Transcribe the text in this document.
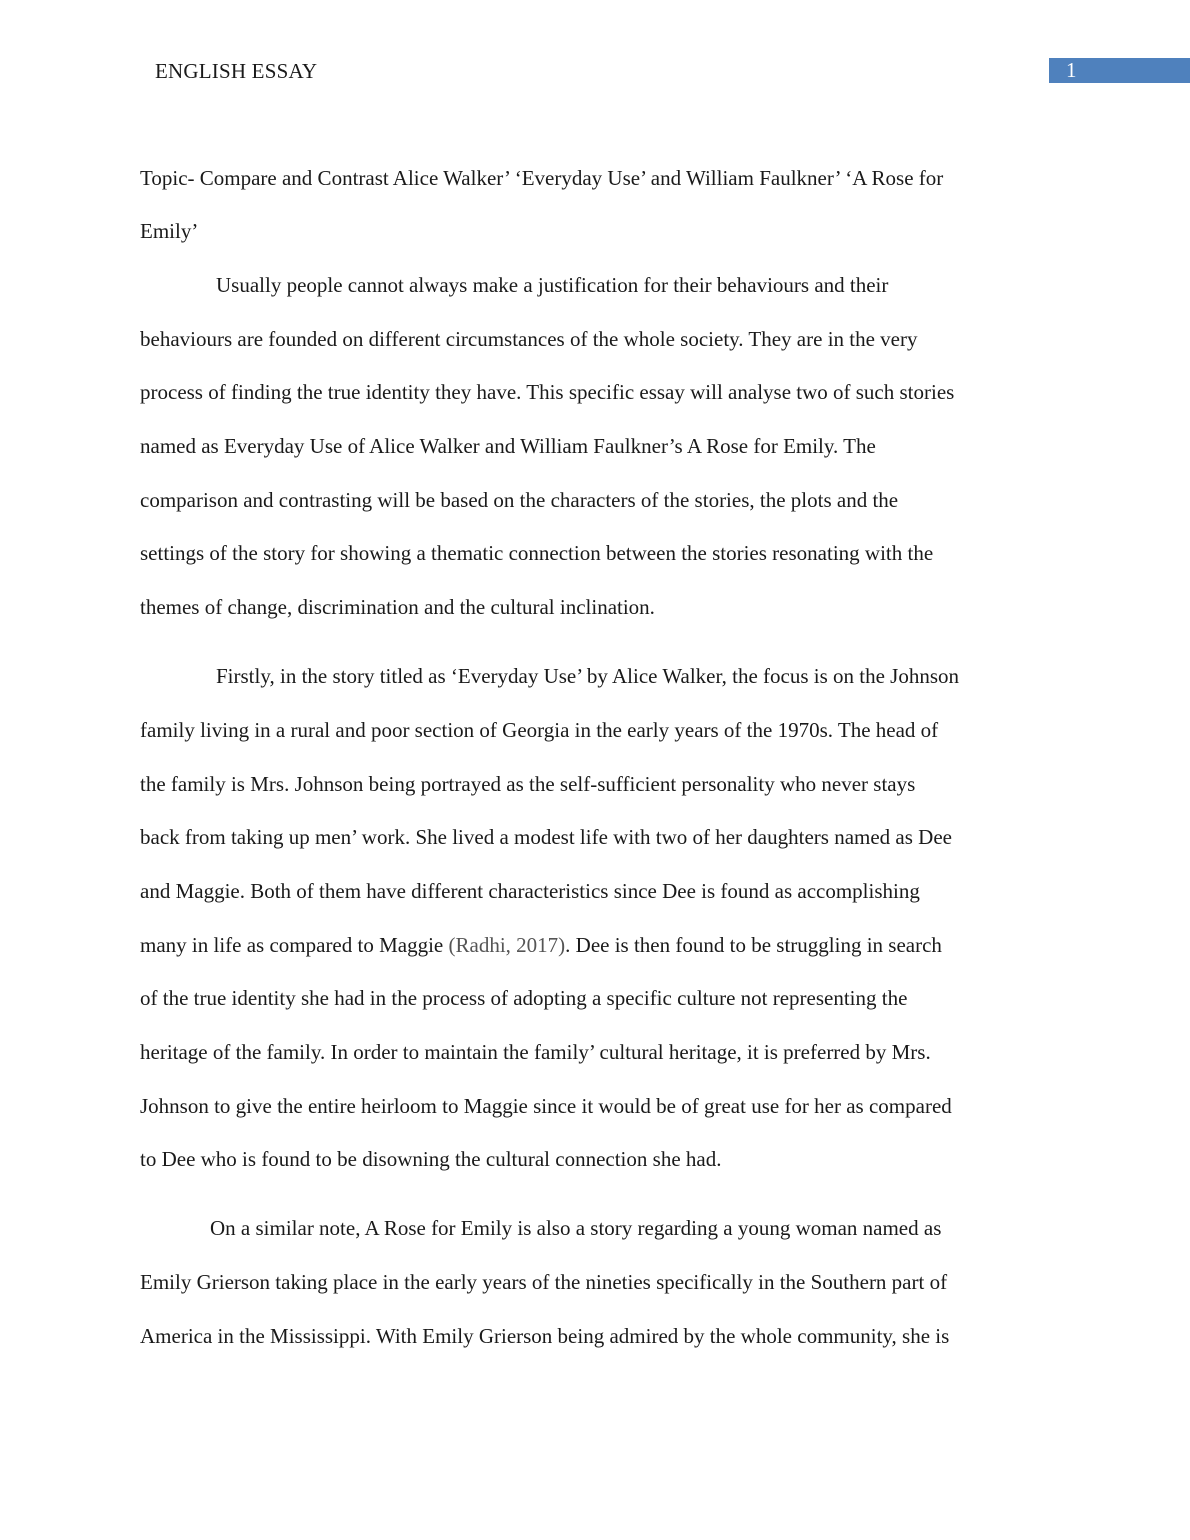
ENGLISH ESSAY	1
Topic- Compare and Contrast Alice Walker’ ‘Everyday Use’ and William Faulkner’ ‘A Rose for
Emily’
Usually people cannot always make a justification for their behaviours and their
behaviours are founded on different circumstances of the whole society. They are in the very
process of finding the true identity they have. This specific essay will analyse two of such stories
named as Everyday Use of Alice Walker and William Faulkner’s A Rose for Emily. The
comparison and contrasting will be based on the characters of the stories, the plots and the
settings of the story for showing a thematic connection between the stories resonating with the
themes of change, discrimination and the cultural inclination.
Firstly, in the story titled as ‘Everyday Use’ by Alice Walker, the focus is on the Johnson
family living in a rural and poor section of Georgia in the early years of the 1970s. The head of
the family is Mrs. Johnson being portrayed as the self-sufficient personality who never stays
back from taking up men’ work. She lived a modest life with two of her daughters named as Dee
and Maggie. Both of them have different characteristics since Dee is found as accomplishing
many in life as compared to Maggie (Radhi, 2017). Dee is then found to be struggling in search
of the true identity she had in the process of adopting a specific culture not representing the
heritage of the family. In order to maintain the family’ cultural heritage, it is preferred by Mrs.
Johnson to give the entire heirloom to Maggie since it would be of great use for her as compared
to Dee who is found to be disowning the cultural connection she had.
On a similar note, A Rose for Emily is also a story regarding a young woman named as
Emily Grierson taking place in the early years of the nineties specifically in the Southern part of
America in the Mississippi. With Emily Grierson being admired by the whole community, she is
